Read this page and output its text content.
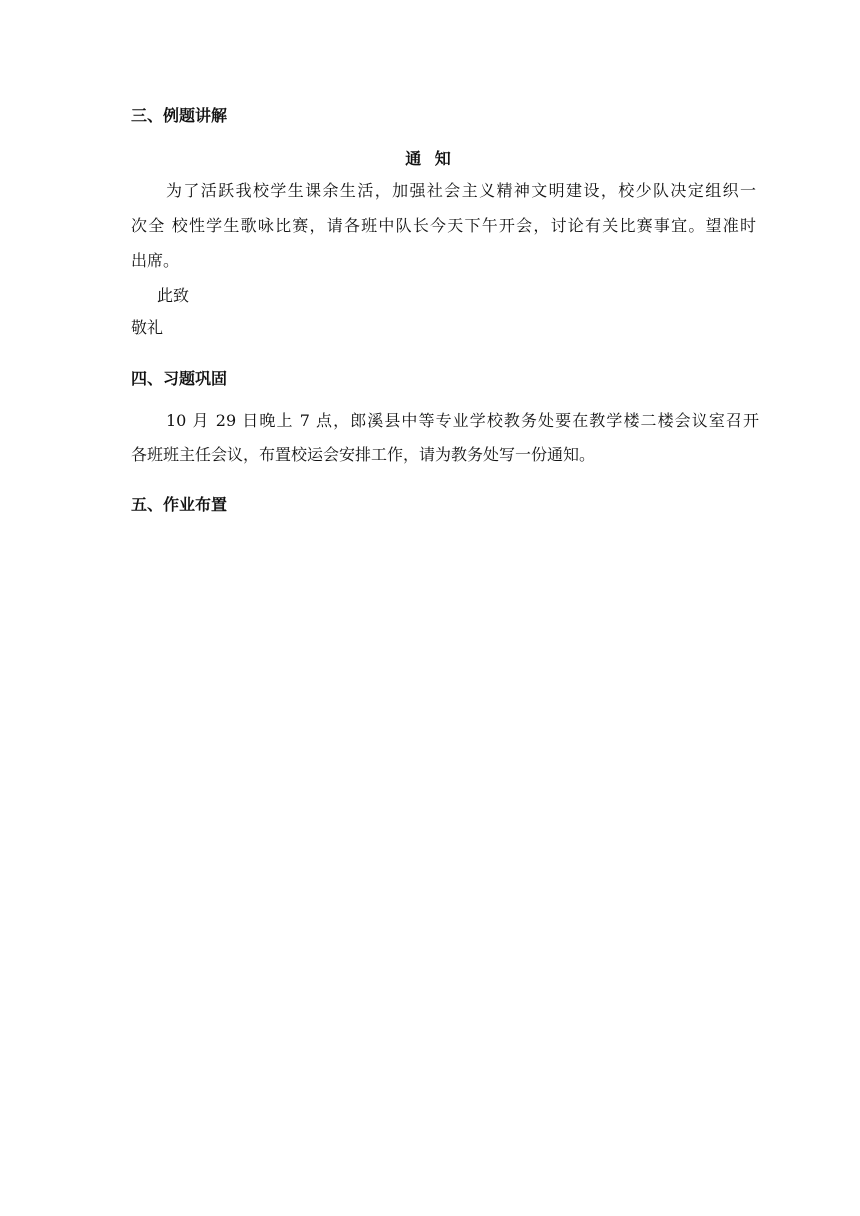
三、例题讲解
通 知
为了活跃我校学生课余生活，加强社会主义精神文明建设，校少队决定组织一
次全 校性学生歌咏比赛，请各班中队长今天下午开会，讨论有关比赛事宜。望准时
出席。
此致
敬礼
四、习题巩固
10 月 29 日晚上 7 点，郎溪县中等专业学校教务处要在教学楼二楼会议室召开
各班班主任会议，布置校运会安排工作，请为教务处写一份通知。
五、作业布置
